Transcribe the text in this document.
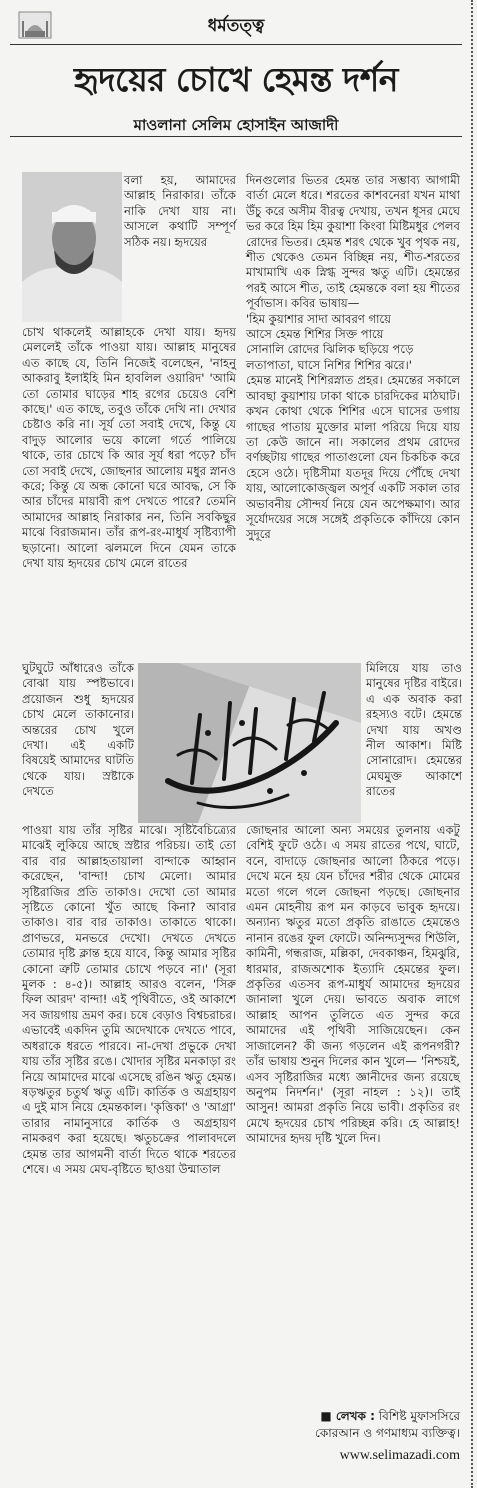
ধর্মতত্ত্ব
হৃদয়ের চোখে হেমন্ত দর্শন
মাওলানা সেলিম হোসাইন আজাদী
বলা হয়, আমাদের আল্লাহ নিরাকার। তাঁকে নাকি দেখা যায় না। আসলে কথাটি সম্পূর্ণ সঠিক নয়। হৃদয়ের
চোখ থাকলেই আল্লাহকে দেখা যায়। হৃদয় মেললেই তাঁকে পাওয়া যায়। আল্লাহ মানুষের এত কাছে যে, তিনি নিজেই বলেছেন, 'নাহনু আকরাবু ইলাইহি মিন হাবলিল ওয়ারিদ' 'আমি তো তোমার ঘাড়ের শাহ রগের চেয়েও বেশি কাছে।' এত কাছে, তবুও তাঁকে দেখি না। দেখার চেষ্টাও করি না। সূর্য তো সবাই দেখে, কিন্তু যে বাদুড় আলোর ভয়ে কালো গর্তে পালিয়ে থাকে, তার চোখে কি আর সূর্য ধরা পড়ে? চাঁদ তো সবাই দেখে, জোছনার আলোয় মধুর স্নানও করে; কিন্তু যে অন্ধ কোনো ঘরে আবদ্ধ, সে কি আর চাঁদের মায়াবী রূপ দেখতে পারে? তেমনি আমাদের আল্লাহ নিরাকার নন, তিনি সবকিছুর মাঝে বিরাজমান। তাঁর রূপ-রং-মাধুর্য সৃষ্টিব্যাপী ছড়ানো। আলো ঝলমলে দিনে যেমন তাকে দেখা যায় হৃদয়ের চোখ মেলে রাতের
ঘুটঘুটে আঁধারেও তাঁকে বোঝা যায় স্পষ্টভাবে। প্রয়োজন শুধু হৃদয়ের চোখ মেলে তাকানোর। অন্তরের চোখ খুলে দেখা। এই একটি বিষয়েই আমাদের ঘাটতি থেকে যায়। স্রষ্টাকে দেখতে
পাওয়া যায় তাঁর সৃষ্টির মাঝে। সৃষ্টিবৈচিত্র্যের মাঝেই লুকিয়ে আছে স্রষ্টার পরিচয়। তাই তো বার বার আল্লাহতায়ালা বান্দাকে আহ্বান করেছেন, 'বান্দা! চোখ মেলো। আমার সৃষ্টিরাজির প্রতি তাকাও। দেখো তো আমার সৃষ্টিতে কোনো খুঁত আছে কিনা? আবার তাকাও। বার বার তাকাও। তাকাতে থাকো। প্রাণভরে, মনভরে দেখো। দেখতে দেখতে তোমার দৃষ্টি ক্লান্ত হয়ে যাবে, কিন্তু আমার সৃষ্টির কোনো ত্রুটি তোমার চোখে পড়বে না।' (সূরা মুলক : ৪-৫)। আল্লাহ আরও বলেন, 'সিরু ফিল আরদ' বান্দা! এই পৃথিবীতে, ওই আকাশে সব জায়গায় ভ্রমণ কর। চষে বেড়াও বিশ্বচরাচর। এভাবেই একদিন তুমি অদেখাকে দেখতে পাবে, অধরাকে ধরতে পারবে। না-দেখা প্রভুকে দেখা যায় তাঁর সৃষ্টির রঙে। খোদার সৃষ্টির মনকাড়া রং নিয়ে আমাদের মাঝে এসেছে রঙিন ঋতু হেমন্ত। ষড়ঋতুর চতুর্থ ঋতু এটি। কার্তিক ও অগ্রহায়ণ এ দুই মাস নিয়ে হেমন্তকাল। 'কৃত্তিকা' ও 'আগ্রা' তারার নামানুসারে কার্তিক ও অগ্রহায়ণ নামকরণ করা হয়েছে। ঋতুচক্রের পালাবদলে হেমন্ত তার আগমনী বার্তা দিতে থাকে শরতের শেষে। এ সময় মেঘ-বৃষ্টিতে ছাওয়া উন্মাতাল

দিনগুলোর ভিতর হেমন্ত তার সম্ভাব্য আগামী বার্তা মেলে ধরে। শরতের কাশবনেরা যখন মাথা উঁচু করে অসীম বীরত্ব দেখায়, তখন ধূসর মেঘে ভর করে হিম হিম কুয়াশা কিংবা মিষ্টিমধুর পেলব রোদের ভিতর। হেমন্ত শরৎ থেকে খুব পৃথক নয়, শীত থেকেও তেমন বিচ্ছিন্ন নয়, শীত-শরতের মাখামাখি এক স্নিগ্ধ সুন্দর ঋতু এটি। হেমন্তের পরই আসে শীত, তাই হেমন্তকে বলা হয় শীতের পূর্বাভাস। কবির ভাষায়—

'হিম কুয়াশার সাদা আবরণ গায়ে

আসে হেমন্ত শিশির সিক্ত পায়ে

সোনালি রোদের ঝিলিক ছড়িয়ে পড়ে

লতাপাতা, ঘাসে নিশির শিশির ঝরে।'

হেমন্ত মানেই শিশিরস্নাত প্রহর। হেমন্তের সকালে আবছা কুয়াশায় ঢাকা থাকে চারদিকের মাঠঘাট। কখন কোথা থেকে শিশির এসে ঘাসের ডগায় গাছের পাতায় মুক্তোর মালা পরিয়ে দিয়ে যায় তা কেউ জানে না। সকালের প্রথম রোদের বর্ণচ্ছটায় গাছের পাতাগুলো যেন চিকচিক করে হেসে ওঠে। দৃষ্টিসীমা যতদূর দিয়ে পৌঁছে দেখা যায়, আলোকোজ্জ্বল অপূর্ব একটি সকাল তার অভাবনীয় সৌন্দর্য নিয়ে যেন অপেক্ষমাণ। আর সূর্যোদয়ের সঙ্গে সঙ্গেই প্রকৃতিকে কাঁদিয়ে কোন সুদূরে

মিলিয়ে যায় তাও মানুষের দৃষ্টির বাইরে। এ এক অবাক করা রহস্যও বটে। হেমন্তে দেখা যায় অখণ্ড নীল আকাশ। মিষ্টি সোনারোদ। হেমন্তের মেঘমুক্ত আকাশে রাতের
জোছনার আলো অন্য সময়ের তুলনায় একটু বেশিই ফুটে ওঠে। এ সময় রাতের পথে, ঘাটে, বনে, বাদাড়ে জোছনার আলো ঠিকরে পড়ে। দেখে মনে হয় যেন চাঁদের শরীর থেকে মোমের মতো গলে গলে জোছনা পড়ছে। জোছনার এমন মোহনীয় রূপ মন কাড়বে ভাবুক হৃদয়ে। অন্যান্য ঋতুর মতো প্রকৃতি রাঙাতে হেমন্তেও নানান রঙের ফুল ফোটে। অনিন্দ্যসুন্দর শিউলি, কামিনী, গন্ধরাজ, মল্লিকা, দেবকাঞ্চন, হিমঝুরি, ধারমার, রাজঅশোক ইত্যাদি হেমন্তের ফুল। প্রকৃতির এতসব রূপ-মাধুর্য আমাদের হৃদয়ের জানালা খুলে দেয়। ভাবতে অবাক লাগে আল্লাহ আপন তুলিতে এত সুন্দর করে আমাদের এই পৃথিবী সাজিয়েছেন। কেন সাজালেন? কী জন্য গড়লেন এই রূপনগরী? তাঁর ভাষায় শুনুন দিলের কান খুলে— 'নিশ্চয়ই, এসব সৃষ্টিরাজির মধ্যে জ্ঞানীদের জন্য রয়েছে অনুপম নিদর্শন।' (সূরা নাহল : ১২)। তাই আসুন! আমরা প্রকৃতি নিয়ে ভাবী। প্রকৃতির রং মেখে হৃদয়ের চোখ পরিচ্ছন্ন করি। হে আল্লাহ! আমাদের হৃদয় দৃষ্টি খুলে দিন।
■ লেখক : বিশিষ্ট মুফাসসিরে কোরআন ও গণমাধ্যম ব্যক্তিত্ব।
www.selimazadi.com
